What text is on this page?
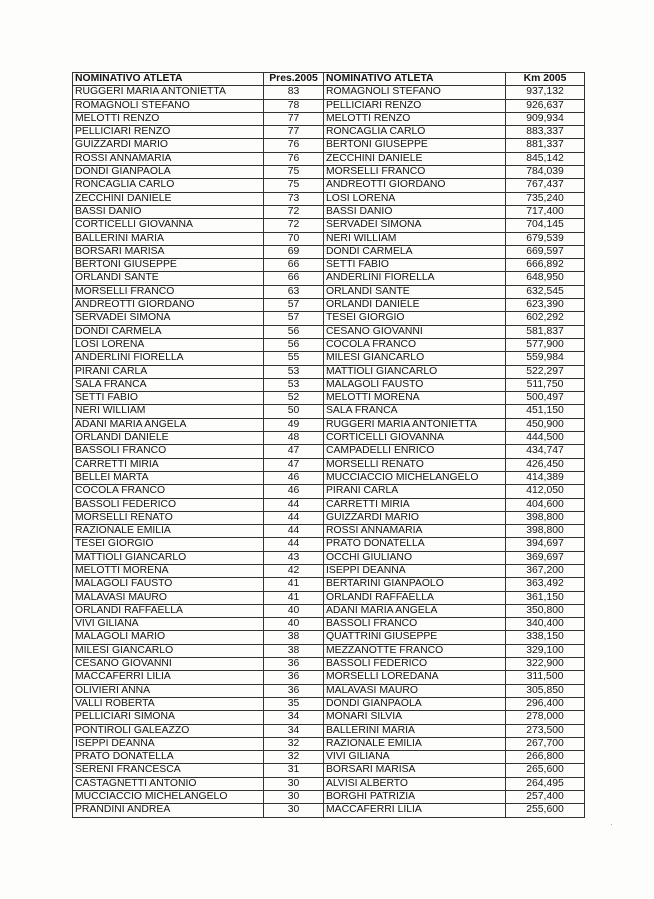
NOMINATIVO ATLETA	Pres.2005	NOMINATIVO ATLETA	Km 2005
RUGGERI MARIA ANTONIETTA	83	ROMAGNOLI STEFANO	937,132
ROMAGNOLI STEFANO	78	PELLICIARI RENZO	926,637
MELOTTI RENZO	77	MELOTTI RENZO	909,934
PELLICIARI RENZO	77	RONCAGLIA CARLO	883,337
GUIZZARDI MARIO	76	BERTONI GIUSEPPE	881,337
ROSSI ANNAMARIA	76	ZECCHINI DANIELE	845,142
DONDI GIANPAOLA	75	MORSELLI FRANCO	784,039
RONCAGLIA CARLO	75	ANDREOTTI GIORDANO	767,437
ZECCHINI DANIELE	73	LOSI LORENA	735,240
BASSI DANIO	72	BASSI DANIO	717,400
CORTICELLI GIOVANNA	72	SERVADEI SIMONA	704,145
BALLERINI MARIA	70	NERI WILLIAM	679,539
BORSARI MARISA	69	DONDI CARMELA	669,597
BERTONI GIUSEPPE	66	SETTI FABIO	666,892
ORLANDI SANTE	66	ANDERLINI FIORELLA	648,950
MORSELLI FRANCO	63	ORLANDI SANTE	632,545
ANDREOTTI GIORDANO	57	ORLANDI DANIELE	623,390
SERVADEI SIMONA	57	TESEI GIORGIO	602,292
DONDI CARMELA	56	CESANO GIOVANNI	581,837
LOSI LORENA	56	COCOLA FRANCO	577,900
ANDERLINI FIORELLA	55	MILESI GIANCARLO	559,984
PIRANI CARLA	53	MATTIOLI GIANCARLO	522,297
SALA FRANCA	53	MALAGOLI FAUSTO	511,750
SETTI FABIO	52	MELOTTI MORENA	500,497
NERI WILLIAM	50	SALA FRANCA	451,150
ADANI MARIA ANGELA	49	RUGGERI MARIA ANTONIETTA	450,900
ORLANDI DANIELE	48	CORTICELLI GIOVANNA	444,500
BASSOLI FRANCO	47	CAMPADELLI ENRICO	434,747
CARRETTI MIRIA	47	MORSELLI RENATO	426,450
BELLEI MARTA	46	MUCCIACCIO MICHELANGELO	414,389
COCOLA FRANCO	46	PIRANI CARLA	412,050
BASSOLI FEDERICO	44	CARRETTI MIRIA	404,600
MORSELLI RENATO	44	GUIZZARDI MARIO	398,800
RAZIONALE EMILIA	44	ROSSI ANNAMARIA	398,800
TESEI GIORGIO	44	PRATO DONATELLA	394,697
MATTIOLI GIANCARLO	43	OCCHI GIULIANO	369,697
MELOTTI MORENA	42	ISEPPI DEANNA	367,200
MALAGOLI FAUSTO	41	BERTARINI GIANPAOLO	363,492
MALAVASI MAURO	41	ORLANDI RAFFAELLA	361,150
ORLANDI RAFFAELLA	40	ADANI MARIA ANGELA	350,800
VIVI GILIANA	40	BASSOLI FRANCO	340,400
MALAGOLI MARIO	38	QUATTRINI GIUSEPPE	338,150
MILESI GIANCARLO	38	MEZZANOTTE FRANCO	329,100
CESANO GIOVANNI	36	BASSOLI FEDERICO	322,900
MACCAFERRI LILIA	36	MORSELLI LOREDANA	311,500
OLIVIERI ANNA	36	MALAVASI MAURO	305,850
VALLI ROBERTA	35	DONDI GIANPAOLA	296,400
PELLICIARI SIMONA	34	MONARI SILVIA	278,000
PONTIROLI GALEAZZO	34	BALLERINI MARIA	273,500
ISEPPI DEANNA	32	RAZIONALE EMILIA	267,700
PRATO DONATELLA	32	VIVI GILIANA	266,800
SERENI FRANCESCA	31	BORSARI MARISA	265,600
CASTAGNETTI ANTONIO	30	ALVISI ALBERTO	264,495
MUCCIACCIO MICHELANGELO	30	BORGHI PATRIZIA	257,400
PRANDINI ANDREA	30	MACCAFERRI LILIA	255,600
·
